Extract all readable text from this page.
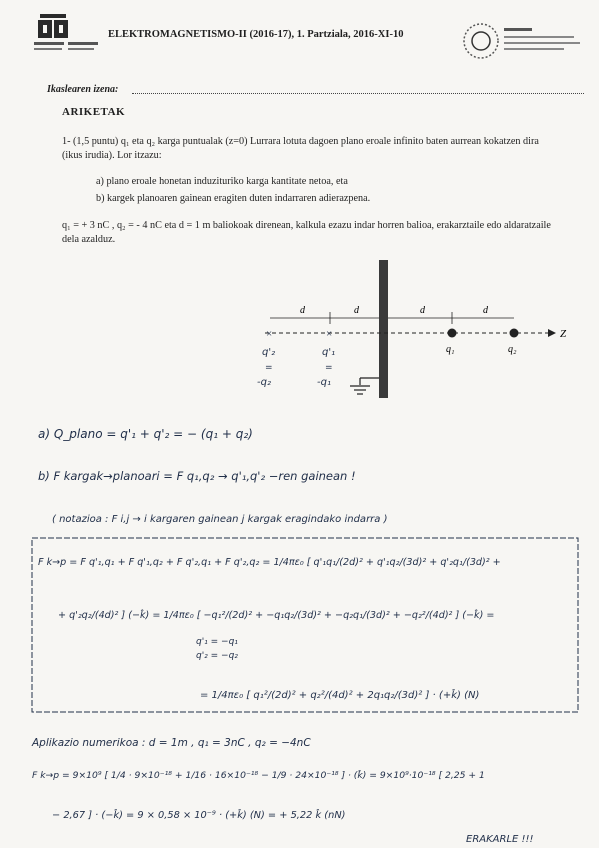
ELEKTROMAGNETISMO-II (2016-17), 1. Partziala, 2016-XI-10
Ikaslearen izena:
ARIKETAK
1- (1,5 puntu) q₁ eta q₂ karga puntualak (z=0) Lurrara lotuta dagoen plano eroale infinito baten aurrean kokatzen dira (ikus irudia). Lor itzazu:
a) plano eroale honetan induzituriko karga kantitate netoa, eta
b) kargek planoaren gainean eragiten duten indarraren adierazpena.
q₁ = + 3 nC , q₂ = - 4 nC eta d = 1 m baliokoak direnean, kalkula ezazu indar horren balioa, erakarztaile edo aldaratzaile dela azalduz.
Z
d	d	d	d
q₁	q₂
×	×
q'₂	q'₁
=	=
-q₂	-q₁
a) Q_plano = q'₁ + q'₂ = − (q₁ + q₂)
b) F kargak→planoari = F q₁,q₂ → q'₁,q'₂ −ren gainean !
( notazioa : F i,j → i kargaren gainean j kargak eragindako indarra )
F k→p = F q'₁,q₁ + F q'₁,q₂ + F q'₂,q₁ + F q'₂,q₂ = 1/4πε₀ [ q'₁q₁/(2d)² + q'₁q₂/(3d)² + q'₂q₁/(3d)² +
+ q'₂q₂/(4d)² ] (−k̂) = 1/4πε₀ [ −q₁²/(2d)² + −q₁q₂/(3d)² + −q₂q₁/(3d)² + −q₂²/(4d)² ] (−k̂) =
q'₁ = −q₁
q'₂ = −q₂
= 1/4πε₀ [ q₁²/(2d)² + q₂²/(4d)² + 2q₁q₂/(3d)² ] · (+k̂) (N)
Aplikazio numerikoa : d = 1m , q₁ = 3nC , q₂ = −4nC
F k→p = 9×10⁹ [ 1/4 · 9×10⁻¹⁸ + 1/16 · 16×10⁻¹⁸ − 1/9 · 24×10⁻¹⁸ ] · (k̂) = 9×10⁹·10⁻¹⁸ [ 2,25 + 1
− 2,67 ] · (−k̂) = 9 × 0,58 × 10⁻⁹ · (+k̂) (N) = + 5,22 k̂ (nN)
ERAKARLE !!!
